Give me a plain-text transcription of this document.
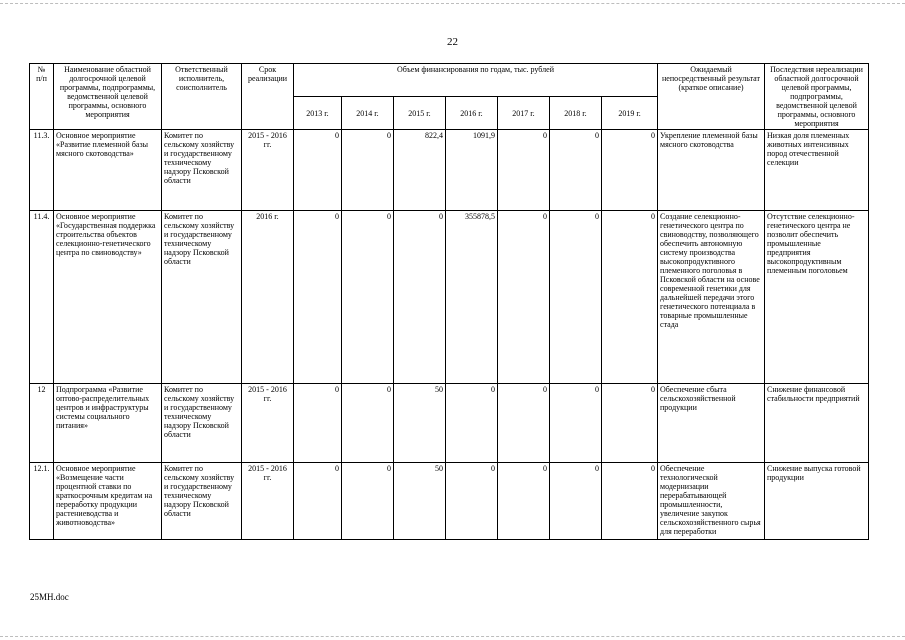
22
№
п/п	Наименование областной долгосрочной целевой программы, подпрограммы, ведомственной целевой программы, основного мероприятия	Ответственный исполнитель, соисполнитель	Срок реализации	Объем финансирования по годам, тыс. рублей							Ожидаемый непосредственный результат (краткое описание)	Последствия нереализации областной долгосрочной целевой программы, подпрограммы, ведомственной целевой программы, основного мероприятия
				2013 г.	2014 г.	2015 г.	2016 г.	2017 г.	2018 г.	2019 г.		
11.3.	Основное мероприятие «Развитие племенной базы мясного скотоводства»	Комитет по сельскому хозяйству и государственному техническому надзору Псковской области	2015 - 2016 гг.	0	0	822,4	1091,9	0	0	0	Укрепление племенной базы мясного скотоводства	Низкая доля племенных животных интенсивных пород отечественной селекции
11.4.	Основное мероприятие «Государственная поддержка строительства объектов селекционно-генетического центра по свиноводству»	Комитет по сельскому хозяйству и государственному техническому надзору Псковской области	2016 г.	0	0	0	355878,5	0	0	0	Создание селекционно-генетического центра по свиноводству, позволяющего обеспечить автономную систему производства высокопродуктивного племенного поголовья в Псковской области на основе современной генетики для дальнейшей передачи этого генетического потенциала в товарные промышленные стада	Отсутствие селекционно-генетического центра не позволит обеспечить промышленные предприятия высокопродуктивным племенным поголовьем
12	Подпрограмма «Развитие оптово-распределительных центров и инфраструктуры системы социального питания»	Комитет по сельскому хозяйству и государственному техническому надзору Псковской области	2015 - 2016 гг.	0	0	50	0	0	0	0	Обеспечение сбыта сельскохозяйственной продукции	Снижение финансовой стабильности предприятий
12.1.	Основное мероприятие «Возмещение части процентной ставки по краткосрочным кредитам на переработку продукции растениеводства и животноводства»	Комитет по сельскому хозяйству и государственному техническому надзору Псковской области	2015 - 2016 гг.	0	0	50	0	0	0	0	Обеспечение технологической модернизации перерабатывающей промышленности, увеличение закупок сельскохозяйственного сырья для переработки	Снижение выпуска готовой продукции
25МН.doc
